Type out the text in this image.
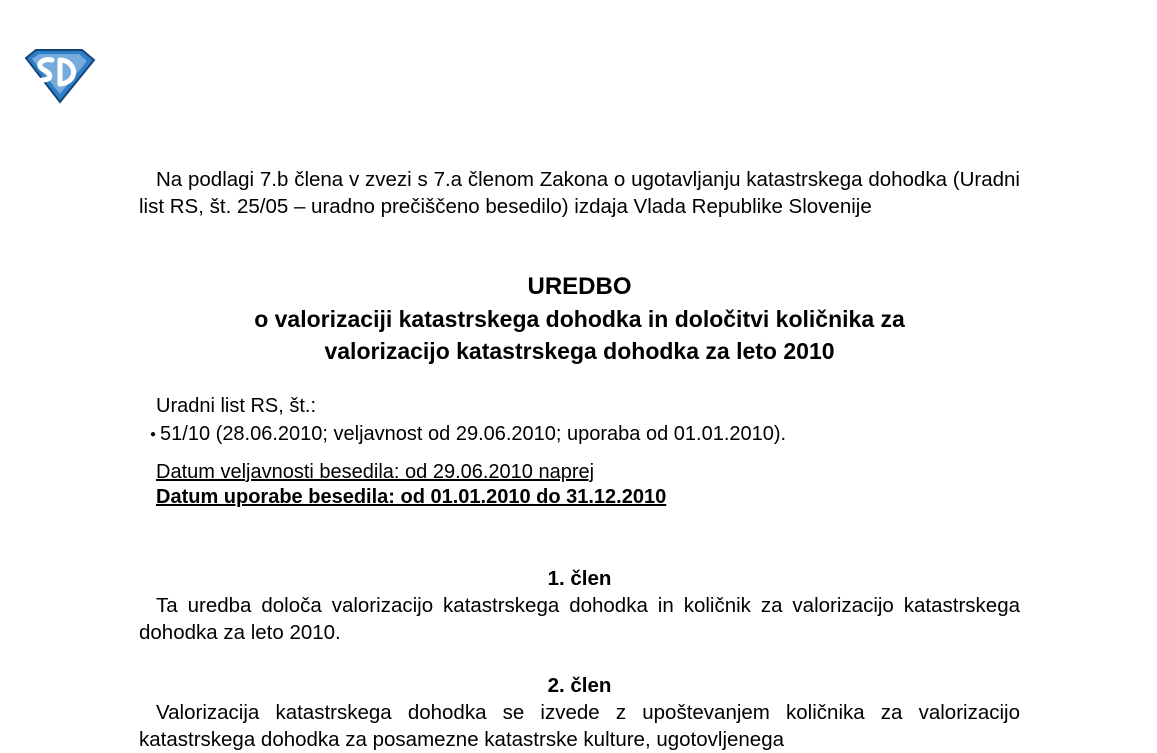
Na podlagi 7.b člena v zvezi s 7.a členom Zakona o ugotavljanju katastrskega dohodka (Uradni list RS, št. 25/05 – uradno prečiščeno besedilo) izdaja Vlada Republike Slovenije
UREDBO
o valorizaciji katastrskega dohodka in določitvi količnika za
valorizacijo katastrskega dohodka za leto 2010
Uradni list RS, št.:
● 51/10 (28.06.2010; veljavnost od 29.06.2010; uporaba od 01.01.2010).
Datum veljavnosti besedila: od 29.06.2010 naprej
Datum uporabe besedila: od 01.01.2010 do 31.12.2010
1. člen
Ta uredba določa valorizacijo katastrskega dohodka in količnik za valorizacijo katastrskega dohodka za leto 2010.
2. člen
Valorizacija katastrskega dohodka se izvede z upoštevanjem količnika za valorizacijo katastrskega dohodka za posamezne katastrske kulture, ugotovljenega
